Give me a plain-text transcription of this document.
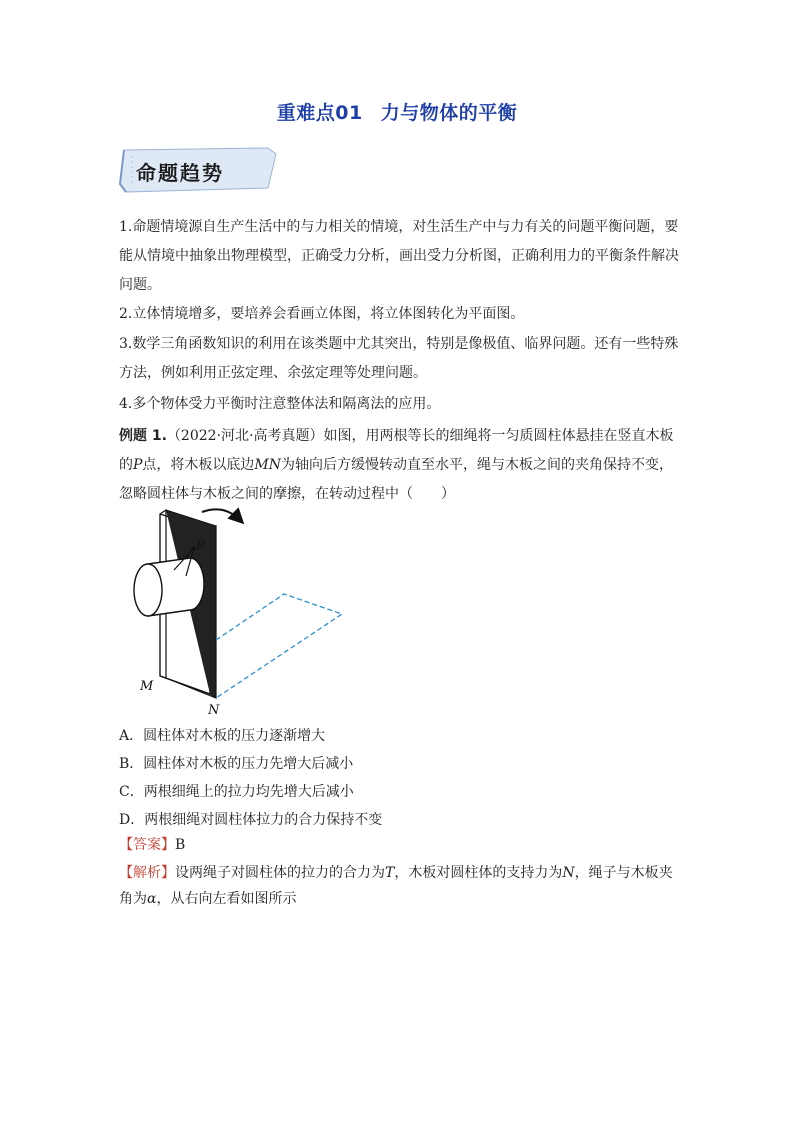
重难点01 力与物体的平衡
命题趋势

1.命题情境源自生产生活中的与力相关的情境，对生活生产中与力有关的问题平衡问题，要能从情境中抽象出物理模型，正确受力分析，画出受力分析图，正确利用力的平衡条件解决问题。

2.立体情境增多，要培养会看画立体图，将立体图转化为平面图。

3.数学三角函数知识的利用在该类题中尤其突出，特别是像极值、临界问题。还有一些特殊方法，例如利用正弦定理、余弦定理等处理问题。

4.多个物体受力平衡时注意整体法和隔离法的应用。

例题 1.（2022·河北·高考真题）如图，用两根等长的细绳将一匀质圆柱体悬挂在竖直木板的P点，将木板以底边MN为轴向后方缓慢转动直至水平，绳与木板之间的夹角保持不变，忽略圆柱体与木板之间的摩擦，在转动过程中（　　）

P
M
N
A．圆柱体对木板的压力逐渐增大
B．圆柱体对木板的压力先增大后减小
C．两根细绳上的拉力均先增大后减小
D．两根细绳对圆柱体拉力的合力保持不变
【答案】B
【解析】设两绳子对圆柱体的拉力的合力为T，木板对圆柱体的支持力为N，绳子与木板夹角为α，从右向左看如图所示
